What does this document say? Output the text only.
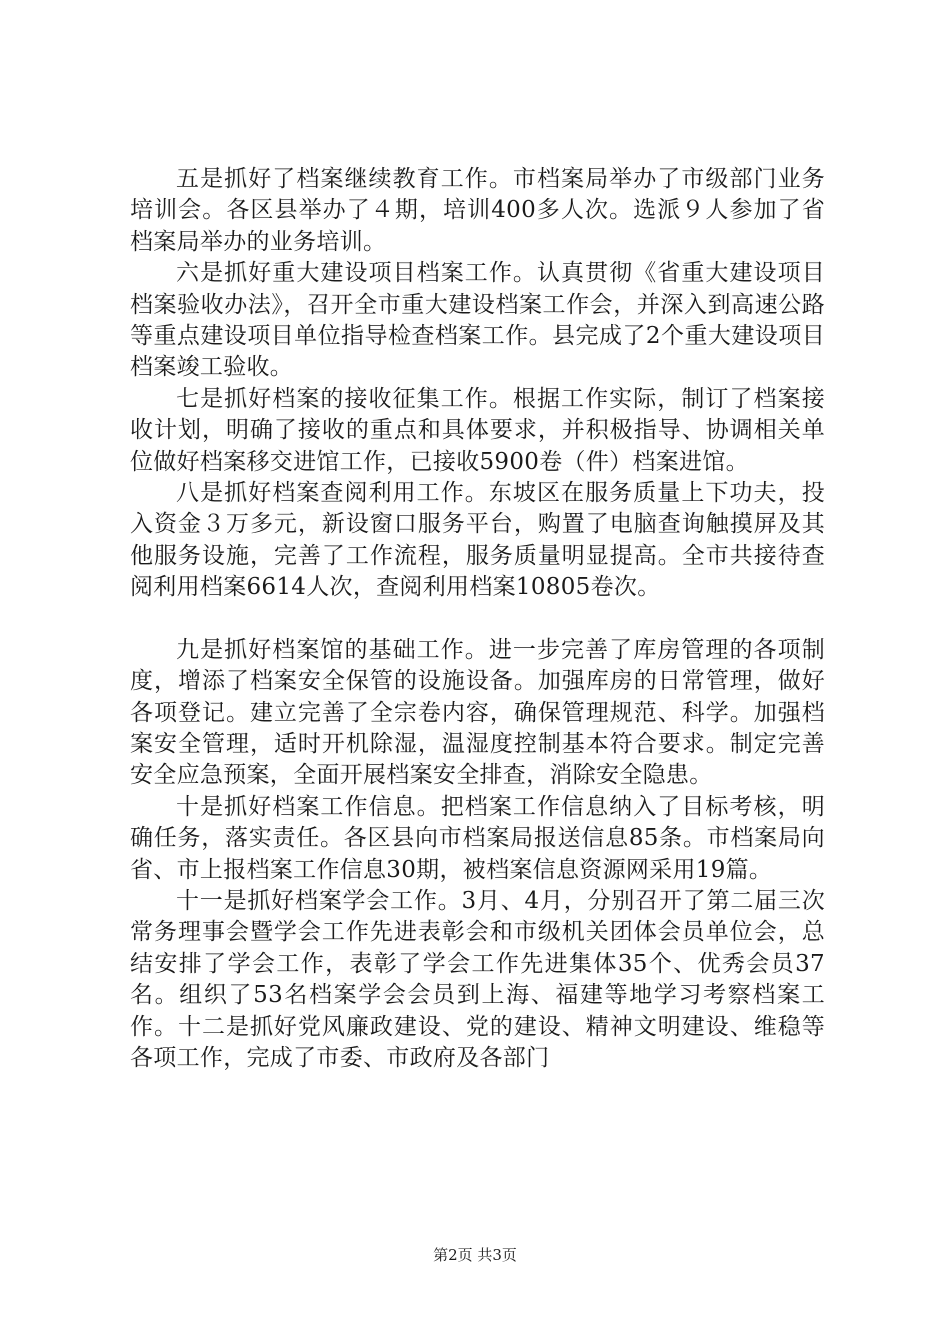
五是抓好了档案继续教育工作。市档案局举办了市级部门业务培训会。各区县举办了４期，培训400多人次。选派９人参加了省档案局举办的业务培训。

六是抓好重大建设项目档案工作。认真贯彻《省重大建设项目档案验收办法》，召开全市重大建设档案工作会，并深入到高速公路等重点建设项目单位指导检查档案工作。县完成了2个重大建设项目档案竣工验收。

七是抓好档案的接收征集工作。根据工作实际，制订了档案接收计划，明确了接收的重点和具体要求，并积极指导、协调相关单位做好档案移交进馆工作，已接收5900卷（件）档案进馆。

八是抓好档案查阅利用工作。东坡区在服务质量上下功夫，投入资金３万多元，新设窗口服务平台，购置了电脑查询触摸屏及其他服务设施，完善了工作流程，服务质量明显提高。全市共接待查阅利用档案6614人次，查阅利用档案10805卷次。

九是抓好档案馆的基础工作。进一步完善了库房管理的各项制度，增添了档案安全保管的设施设备。加强库房的日常管理，做好各项登记。建立完善了全宗卷内容，确保管理规范、科学。加强档案安全管理，适时开机除湿，温湿度控制基本符合要求。制定完善安全应急预案，全面开展档案安全排查，消除安全隐患。

十是抓好档案工作信息。把档案工作信息纳入了目标考核，明确任务，落实责任。各区县向市档案局报送信息85条。市档案局向省、市上报档案工作信息30期，被档案信息资源网采用19篇。

十一是抓好档案学会工作。3月、4月，分别召开了第二届三次常务理事会暨学会工作先进表彰会和市级机关团体会员单位会，总结安排了学会工作，表彰了学会工作先进集体35个、优秀会员37名。组织了53名档案学会会员到上海、福建等地学习考察档案工作。十二是抓好党风廉政建设、党的建设、精神文明建设、维稳等各项工作，完成了市委、市政府及各部门

第2页 共3页
